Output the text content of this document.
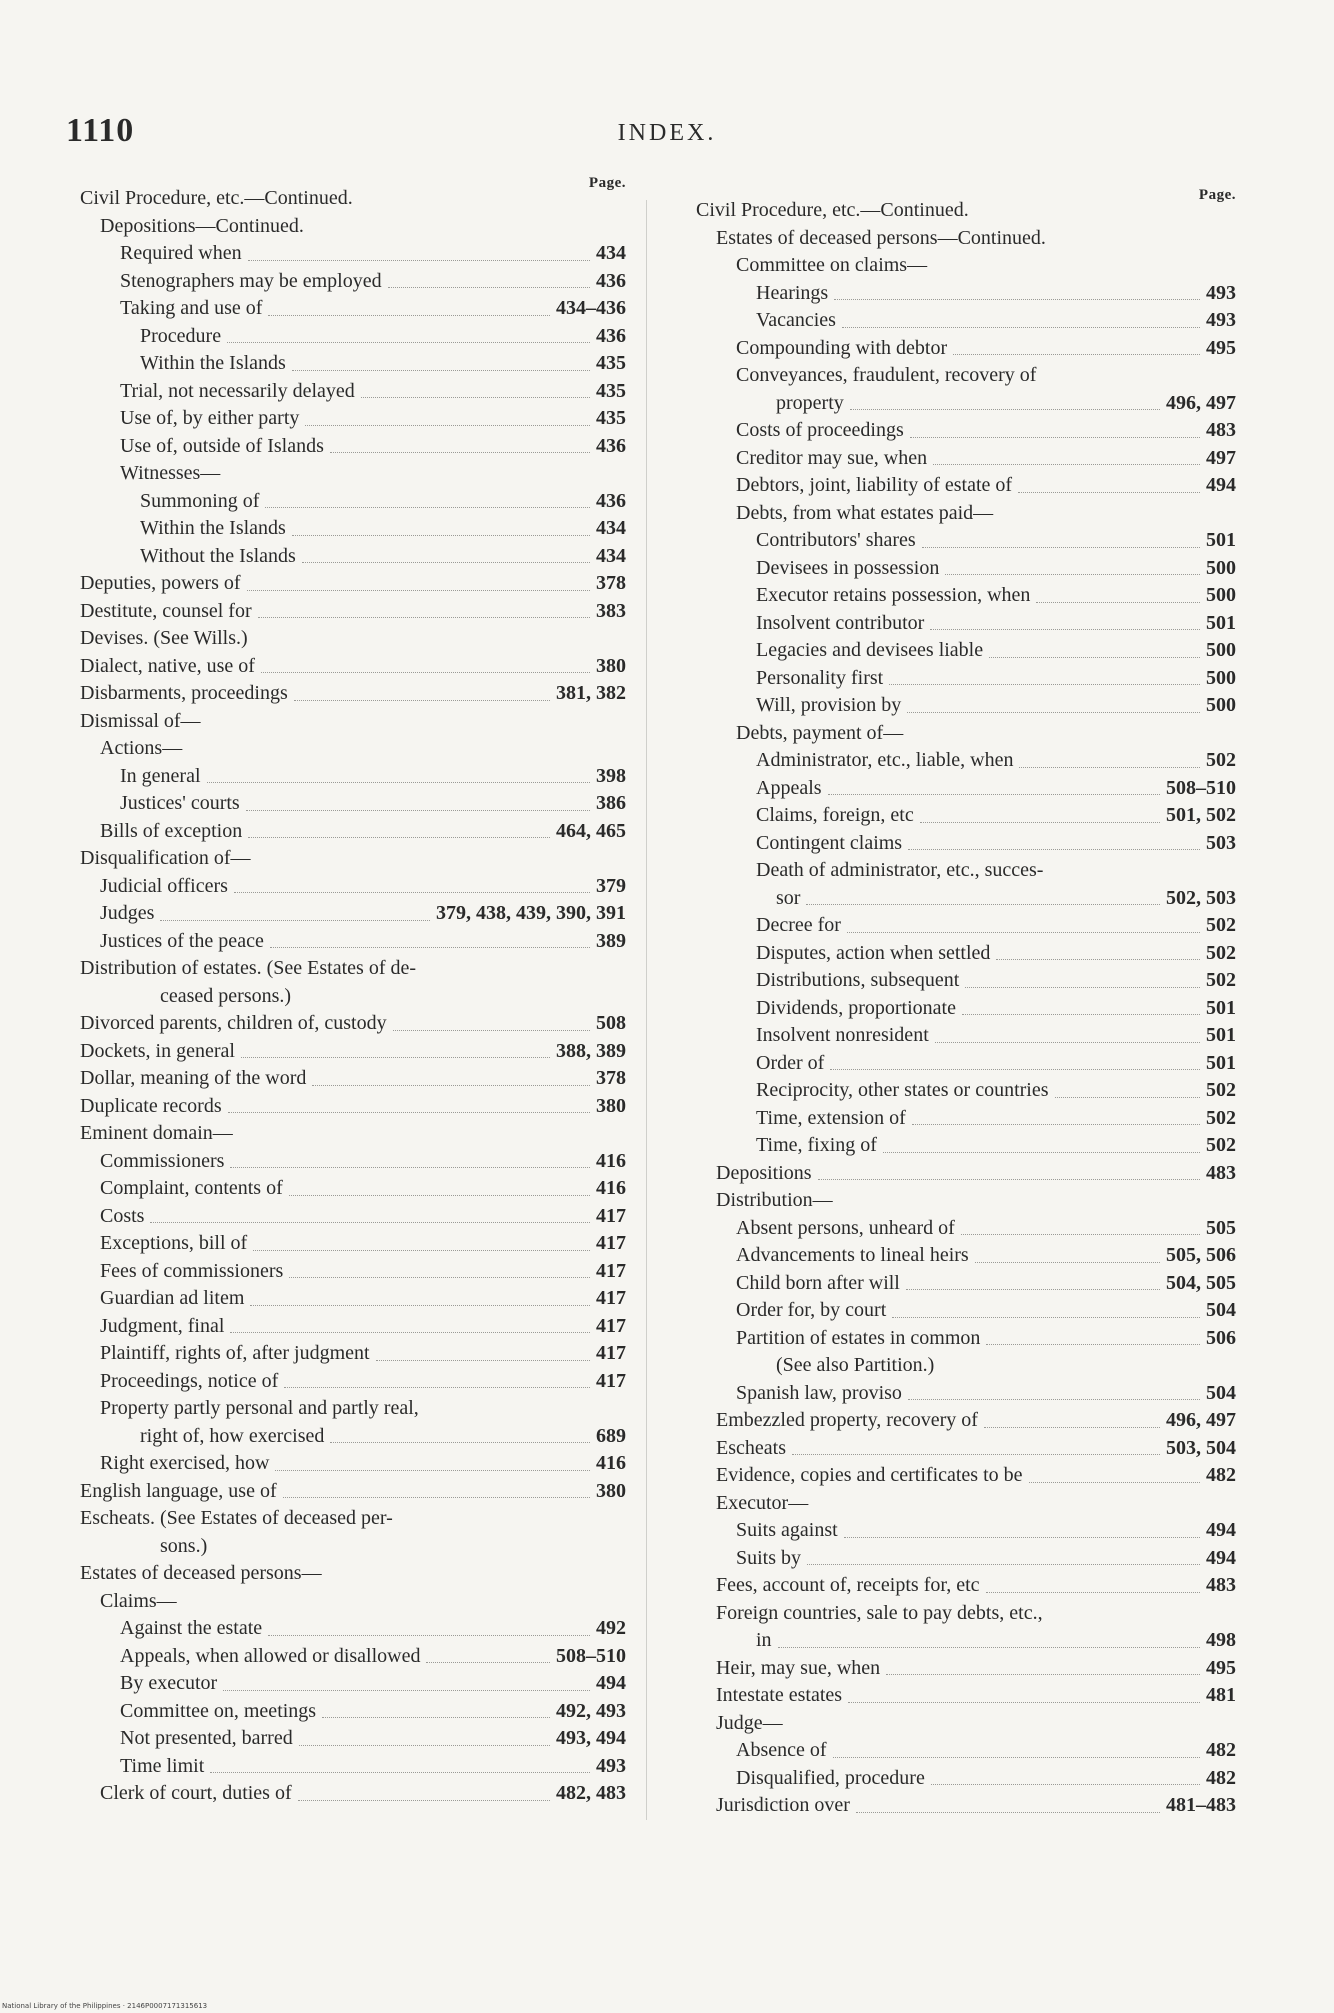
1110	INDEX.
Page.
Civil Procedure, etc.—Continued.
Depositions—Continued.
Required when	434
Stenographers may be employed	436
Taking and use of	434–436
Procedure	436
Within the Islands	435
Trial, not necessarily delayed	435
Use of, by either party	435
Use of, outside of Islands	436
Witnesses—
Summoning of	436
Within the Islands	434
Without the Islands	434
Deputies, powers of	378
Destitute, counsel for	383
Devises. (See Wills.)
Dialect, native, use of	380
Disbarments, proceedings	381, 382
Dismissal of—
Actions—
In general	398
Justices' courts	386
Bills of exception	464, 465
Disqualification of—
Judicial officers	379
Judges	379, 438, 439, 390, 391
Justices of the peace	389
Distribution of estates. (See Estates of de-
ceased persons.)
Divorced parents, children of, custody	508
Dockets, in general	388, 389
Dollar, meaning of the word	378
Duplicate records	380
Eminent domain—
Commissioners	416
Complaint, contents of	416
Costs	417
Exceptions, bill of	417
Fees of commissioners	417
Guardian ad litem	417
Judgment, final	417
Plaintiff, rights of, after judgment	417
Proceedings, notice of	417
Property partly personal and partly real,
right of, how exercised	689
Right exercised, how	416
English language, use of	380
Escheats. (See Estates of deceased per-
sons.)
Estates of deceased persons—
Claims—
Against the estate	492
Appeals, when allowed or disallowed	508–510
By executor	494
Committee on, meetings	492, 493
Not presented, barred	493, 494
Time limit	493
Clerk of court, duties of	482, 483
Page.
Civil Procedure, etc.—Continued.
Estates of deceased persons—Continued.
Committee on claims—
Hearings	493
Vacancies	493
Compounding with debtor	495
Conveyances, fraudulent, recovery of
property	496, 497
Costs of proceedings	483
Creditor may sue, when	497
Debtors, joint, liability of estate of	494
Debts, from what estates paid—
Contributors' shares	501
Devisees in possession	500
Executor retains possession, when	500
Insolvent contributor	501
Legacies and devisees liable	500
Personality first	500
Will, provision by	500
Debts, payment of—
Administrator, etc., liable, when	502
Appeals	508–510
Claims, foreign, etc	501, 502
Contingent claims	503
Death of administrator, etc., succes-
sor	502, 503
Decree for	502
Disputes, action when settled	502
Distributions, subsequent	502
Dividends, proportionate	501
Insolvent nonresident	501
Order of	501
Reciprocity, other states or countries	502
Time, extension of	502
Time, fixing of	502
Depositions	483
Distribution—
Absent persons, unheard of	505
Advancements to lineal heirs	505, 506
Child born after will	504, 505
Order for, by court	504
Partition of estates in common	506
(See also Partition.)
Spanish law, proviso	504
Embezzled property, recovery of	496, 497
Escheats	503, 504
Evidence, copies and certificates to be	482
Executor—
Suits against	494
Suits by	494
Fees, account of, receipts for, etc	483
Foreign countries, sale to pay debts, etc.,
in	498
Heir, may sue, when	495
Intestate estates	481
Judge—
Absence of	482
Disqualified, procedure	482
Jurisdiction over	481–483
National Library of the Philippines · 2146P0007171315613
